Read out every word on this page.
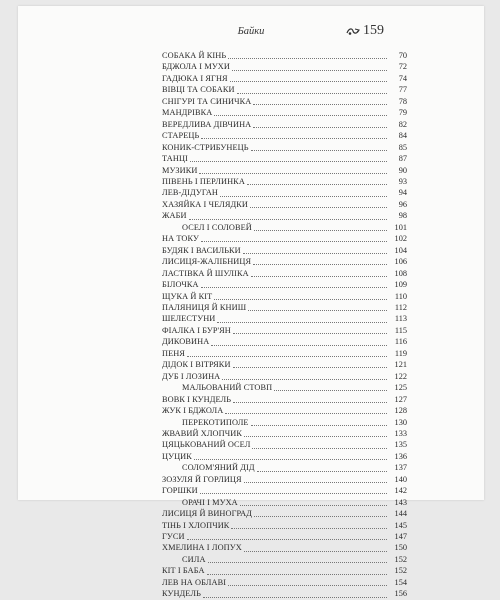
Байки	159
СОБАКА Й КІНЬ	70
БДЖОЛА І МУХИ	72
ГАДЮКА І ЯГНЯ	74
ВІВЦІ ТА СОБАКИ	77
СНІГУРІ ТА СИНИЧКА	78
МАНДРІВКА	79
ВЕРЕДЛИВА ДІВЧИНА	82
СТАРЕЦЬ	84
КОНИК-СТРИБУНЕЦЬ	85
ТАНЦІ	87
МУЗИКИ	90
ПІВЕНЬ І ПЕРЛИНКА	93
ЛЕВ-ДІДУГАН	94
ХАЗЯЙКА І ЧЕЛЯДКИ	96
ЖАБИ	98
ОСЕЛ І СОЛОВЕЙ	101
НА ТОКУ	102
БУДЯК І ВАСИЛЬКИ	104
ЛИСИЦЯ-ЖАЛІБНИЦЯ	106
ЛАСТІВКА Й ШУЛІКА	108
БІЛОЧКА	109
ЩУКА Й КІТ	110
ПАЛЯНИЦЯ Й КНИШ	112
ШЕЛЕСТУНИ	113
ФІАЛКА І БУР'ЯН	115
ДИКОВИНА	116
ПЕНЯ	119
ДІДОК І ВІТРЯКИ	121
ДУБ І ЛОЗИНА	122
МАЛЬОВАНИЙ СТОВП	125
ВОВК І КУНДЕЛЬ	127
ЖУК І БДЖОЛА	128
ПЕРЕКОТИПОЛЕ	130
ЖВАВИЙ ХЛОПЧИК	133
ЦЯЦЬКОВАНИЙ ОСЕЛ	135
ЦУЦИК	136
СОЛОМ'ЯНИЙ ДІД	137
ЗОЗУЛЯ Й ГОРЛИЦЯ	140
ГОРШКИ	142
ОРАЧІ І МУХА	143
ЛИСИЦЯ Й ВИНОГРАД	144
ТІНЬ І ХЛОПЧИК	145
ГУСИ	147
ХМЕЛИНА І ЛОПУХ	150
СИЛА	152
КІТ І БАБА	152
ЛЕВ НА ОБЛАВІ	154
КУНДЕЛЬ	156
